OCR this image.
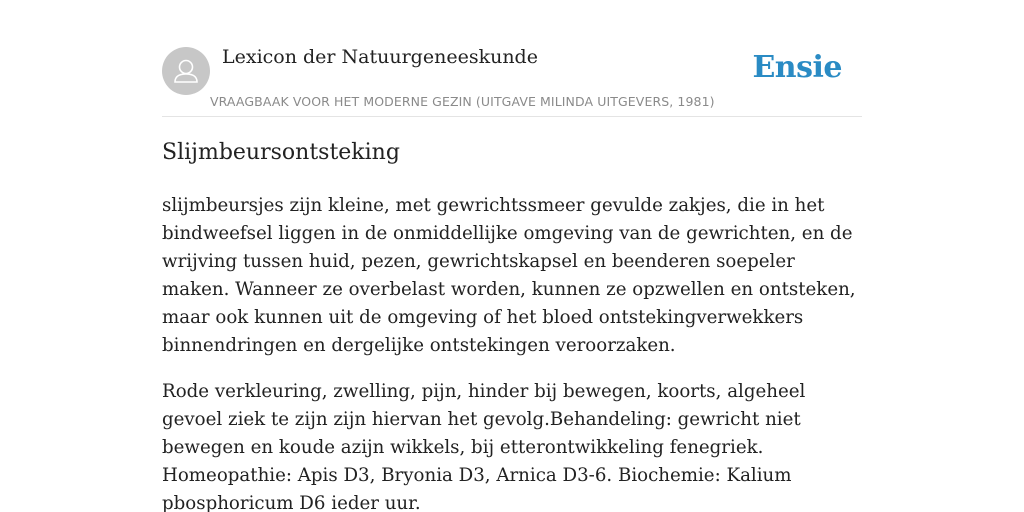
Lexicon der Natuurgeneeskunde
VRAAGBAAK VOOR HET MODERNE GEZIN (UITGAVE MILINDA UITGEVERS, 1981)
Ensie
Slijmbeursontsteking

slijmbeursjes zijn kleine, met gewrichtssmeer gevulde zakjes, die in het bindweefsel liggen in de onmiddellijke omgeving van de gewrichten, en de wrijving tussen huid, pezen, gewrichtskapsel en beenderen soepeler maken. Wanneer ze overbelast worden, kunnen ze opzwellen en ontsteken, maar ook kunnen uit de omgeving of het bloed ontstekingverwekkers binnendringen en dergelijke ontstekingen veroorzaken.

Rode verkleuring, zwelling, pijn, hinder bij bewegen, koorts, algeheel gevoel ziek te zijn zijn hiervan het gevolg.Behandeling: gewricht niet bewegen en koude azijn wikkels, bij etterontwikkeling fenegriek. Homeopathie: Apis D3, Bryonia D3, Arnica D3-6. Biochemie: Kalium pbosphoricum D6 ieder uur.
